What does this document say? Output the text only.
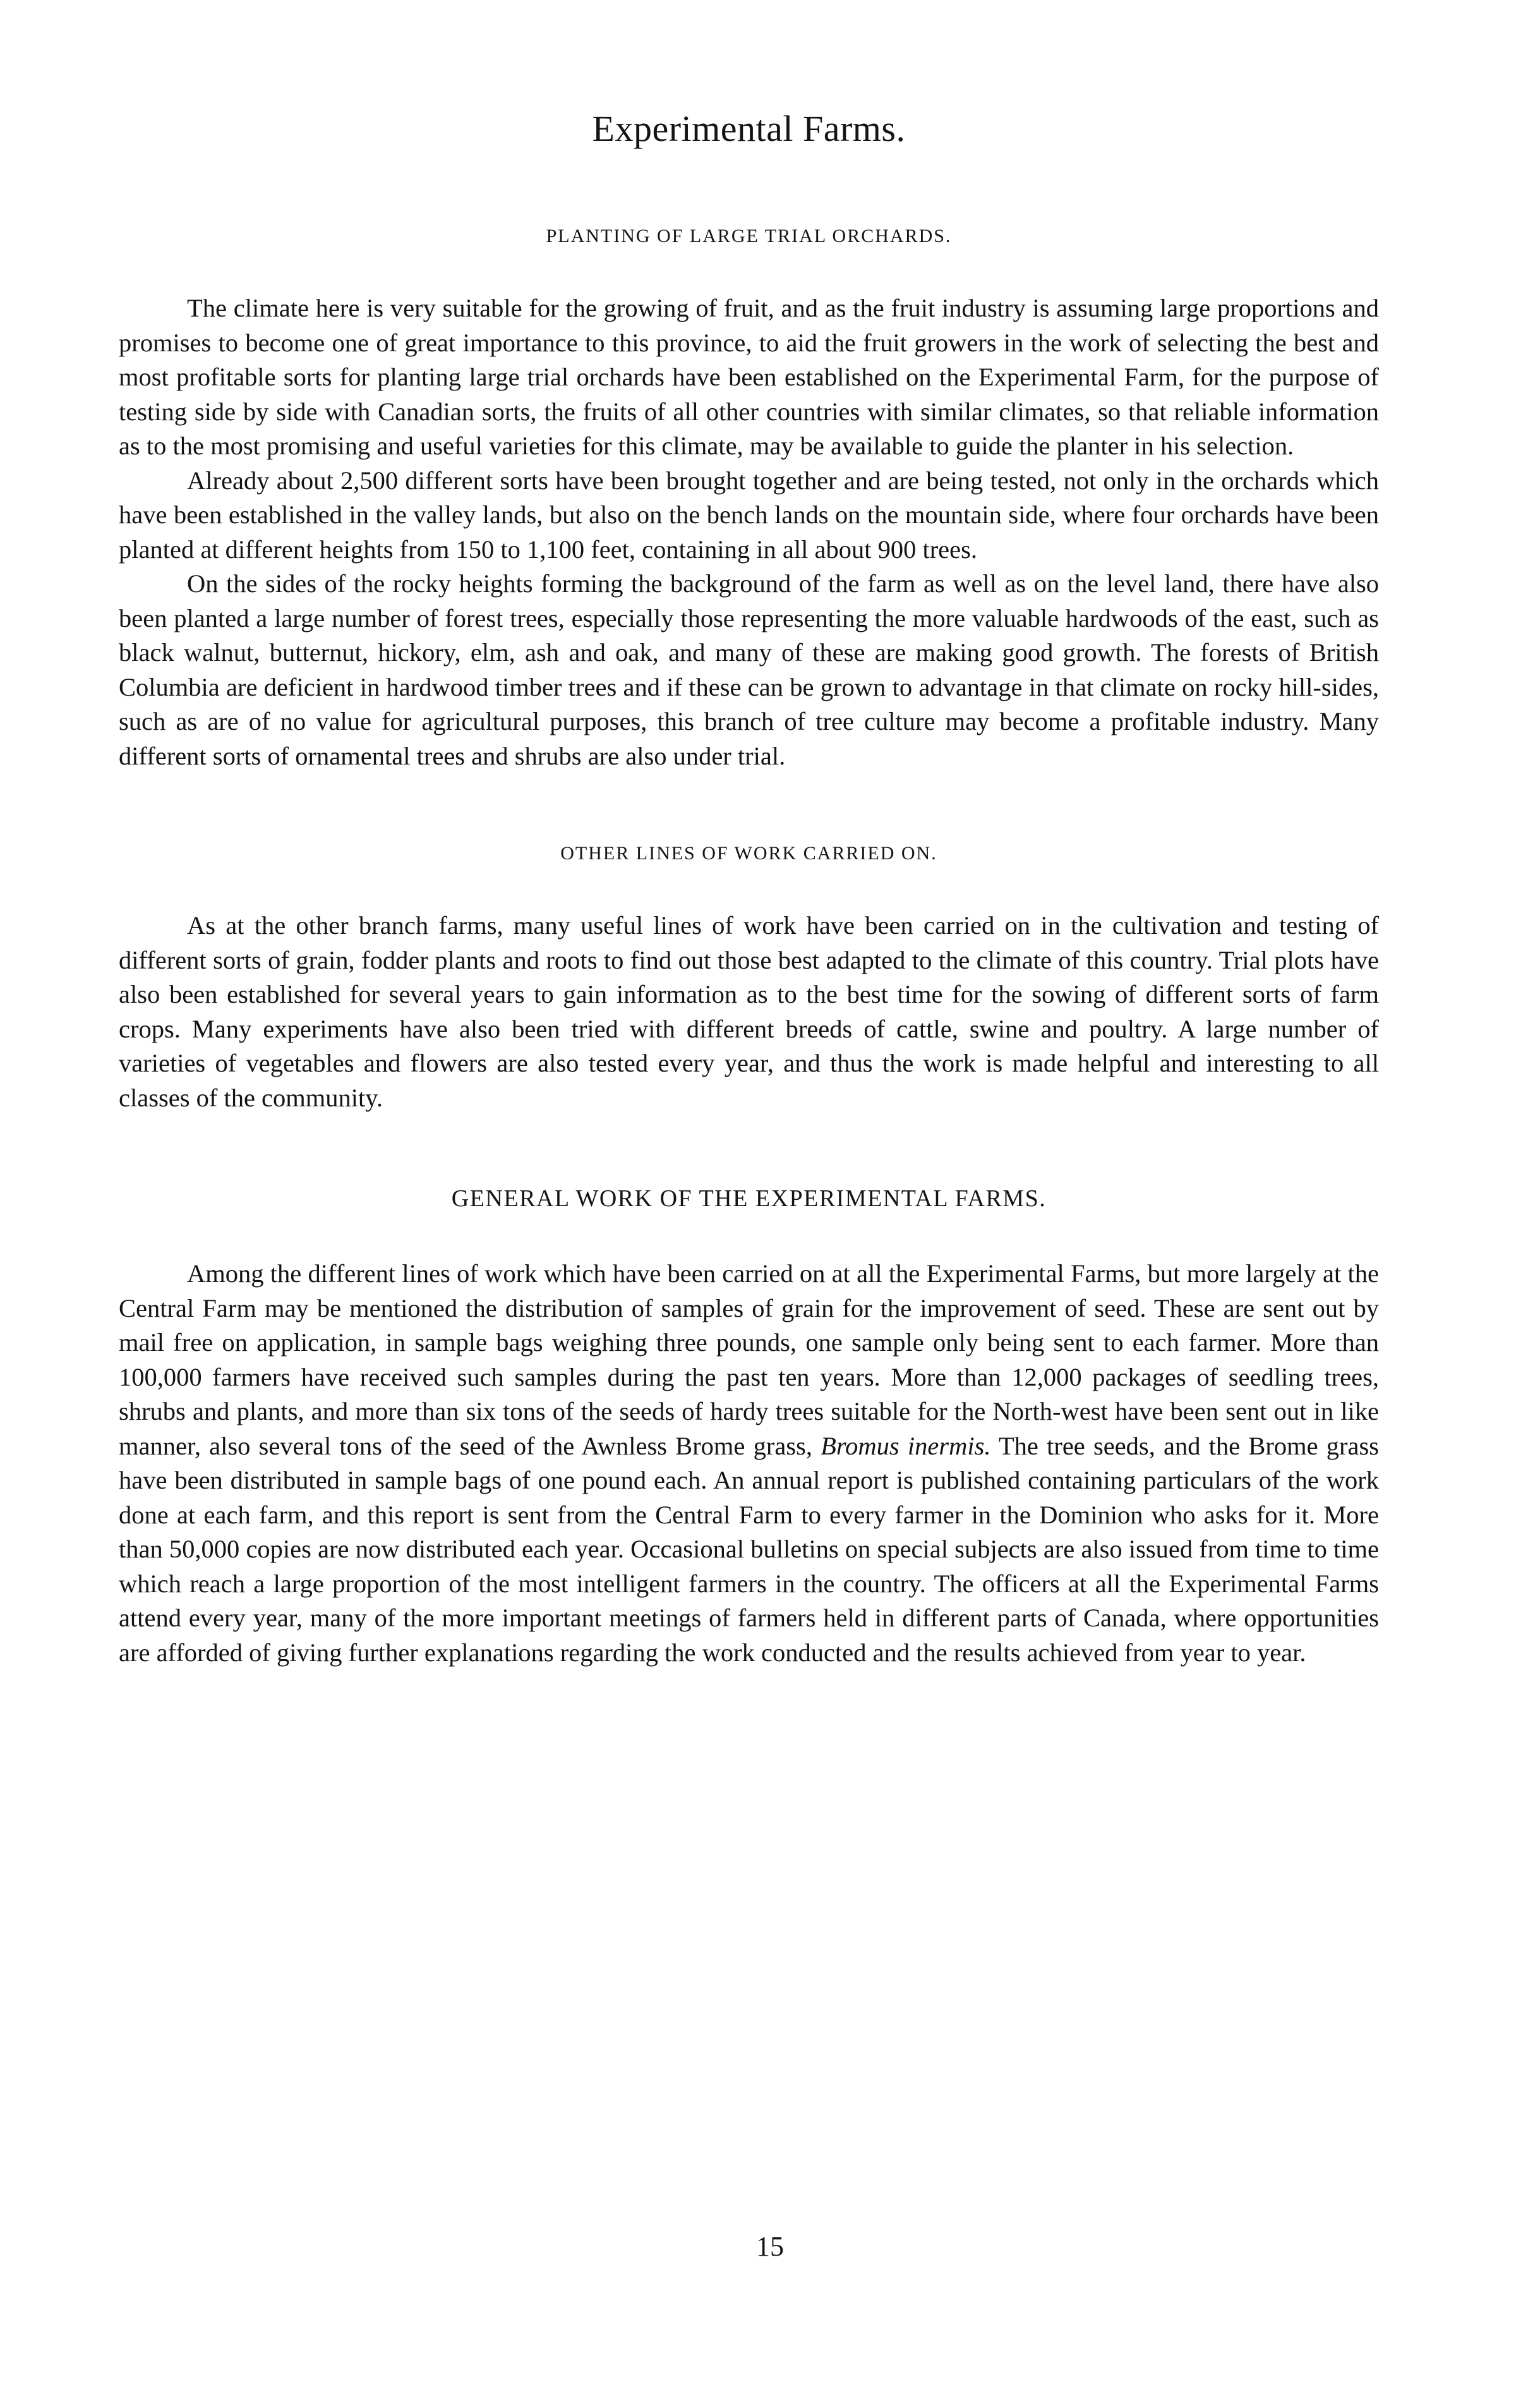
Experimental Farms.
PLANTING OF LARGE TRIAL ORCHARDS.

The climate here is very suitable for the growing of fruit, and as the fruit industry is assuming large proportions and promises to become one of great importance to this province, to aid the fruit growers in the work of selecting the best and most profitable sorts for planting large trial orchards have been established on the Experimental Farm, for the purpose of testing side by side with Canadian sorts, the fruits of all other countries with similar climates, so that reliable information as to the most promising and useful varieties for this climate, may be available to guide the planter in his selection.

Already about 2,500 different sorts have been brought together and are being tested, not only in the orchards which have been established in the valley lands, but also on the bench lands on the mountain side, where four orchards have been planted at different heights from 150 to 1,100 feet, containing in all about 900 trees.

On the sides of the rocky heights forming the background of the farm as well as on the level land, there have also been planted a large number of forest trees, especially those representing the more valuable hardwoods of the east, such as black walnut, butternut, hickory, elm, ash and oak, and many of these are making good growth. The forests of British Columbia are deficient in hardwood timber trees and if these can be grown to advantage in that climate on rocky hill-sides, such as are of no value for agricultural purposes, this branch of tree culture may become a profitable industry. Many different sorts of ornamental trees and shrubs are also under trial.

OTHER LINES OF WORK CARRIED ON.

As at the other branch farms, many useful lines of work have been carried on in the cultivation and testing of different sorts of grain, fodder plants and roots to find out those best adapted to the climate of this country. Trial plots have also been established for several years to gain information as to the best time for the sowing of different sorts of farm crops. Many experiments have also been tried with different breeds of cattle, swine and poultry. A large number of varieties of vegetables and flowers are also tested every year, and thus the work is made helpful and interesting to all classes of the community.

GENERAL WORK OF THE EXPERIMENTAL FARMS.

Among the different lines of work which have been carried on at all the Experimental Farms, but more largely at the Central Farm may be mentioned the distribution of samples of grain for the improvement of seed. These are sent out by mail free on application, in sample bags weighing three pounds, one sample only being sent to each farmer. More than 100,000 farmers have received such samples during the past ten years. More than 12,000 packages of seedling trees, shrubs and plants, and more than six tons of the seeds of hardy trees suitable for the North-west have been sent out in like manner, also several tons of the seed of the Awnless Brome grass, Bromus inermis. The tree seeds, and the Brome grass have been distributed in sample bags of one pound each. An annual report is published containing particulars of the work done at each farm, and this report is sent from the Central Farm to every farmer in the Dominion who asks for it. More than 50,000 copies are now distributed each year. Occasional bulletins on special subjects are also issued from time to time which reach a large proportion of the most intelligent farmers in the country. The officers at all the Experimental Farms attend every year, many of the more important meetings of farmers held in different parts of Canada, where opportunities are afforded of giving further explanations regarding the work conducted and the results achieved from year to year.

15
